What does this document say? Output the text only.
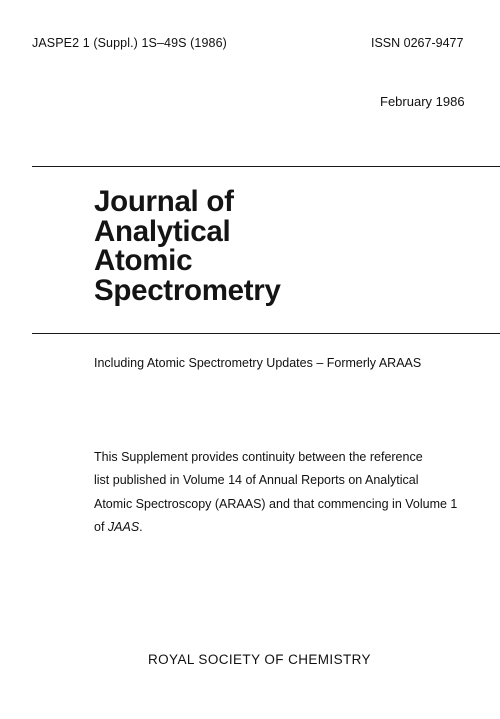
JASPE2 1 (Suppl.) 1S–49S (1986)	ISSN 0267-9477
February 1986
Journal of
Analytical
Atomic
Spectrometry
Including Atomic Spectrometry Updates – Formerly ARAAS

This Supplement provides continuity between the reference
list published in Volume 14 of Annual Reports on Analytical
Atomic Spectroscopy (ARAAS) and that commencing in Volume 1
of JAAS.

ROYAL SOCIETY OF CHEMISTRY
